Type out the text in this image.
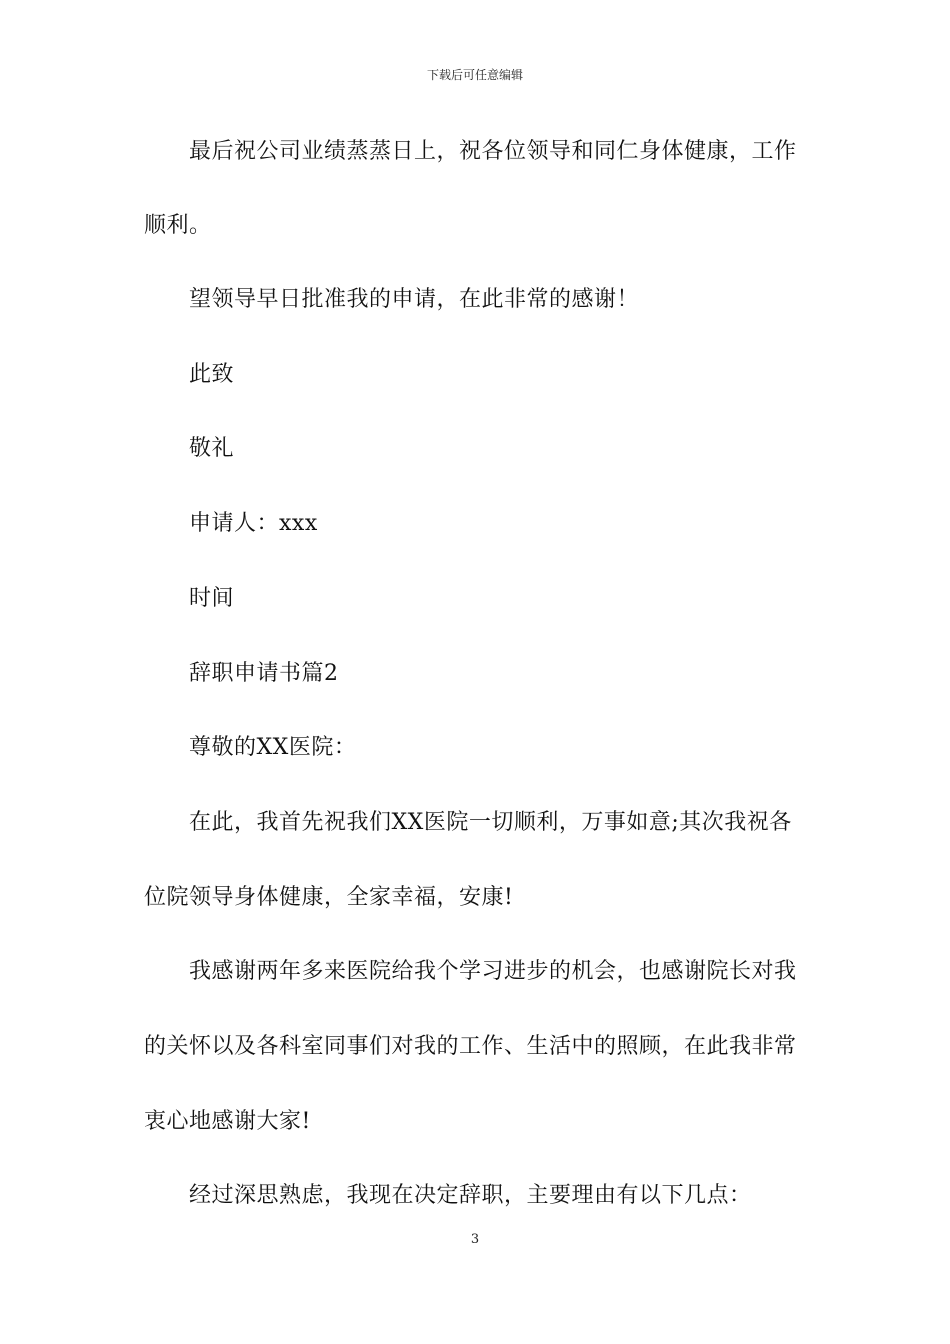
下载后可任意编辑
最后祝公司业绩蒸蒸日上，祝各位领导和同仁身体健康，工作
顺利。
望领导早日批准我的申请，在此非常的感谢！
此致
敬礼
申请人：xxx
时间
辞职申请书篇2
尊敬的XX医院：
在此，我首先祝我们XX医院一切顺利，万事如意;其次我祝各
位院领导身体健康，全家幸福，安康!
我感谢两年多来医院给我个学习进步的机会，也感谢院长对我
的关怀以及各科室同事们对我的工作、生活中的照顾，在此我非常
衷心地感谢大家!
经过深思熟虑，我现在决定辞职，主要理由有以下几点：
3
